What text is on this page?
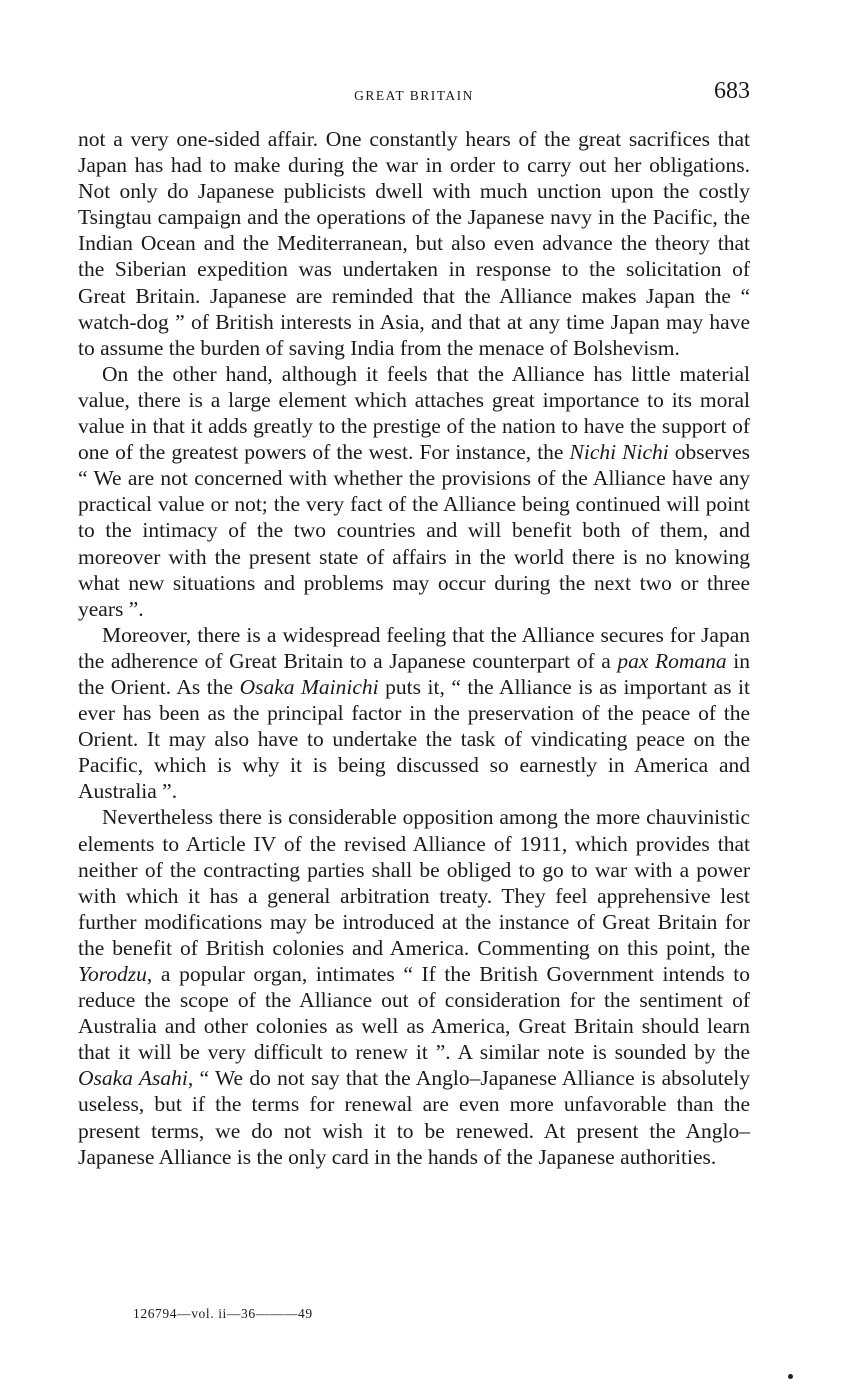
GREAT BRITAIN	683

not a very one-sided affair. One constantly hears of the great sacrifices that Japan has had to make during the war in order to carry out her obligations. Not only do Japanese publicists dwell with much unction upon the costly Tsingtau campaign and the operations of the Japanese navy in the Pacific, the Indian Ocean and the Mediterranean, but also even advance the theory that the Siberian expedition was undertaken in response to the solicitation of Great Britain. Japanese are reminded that the Alliance makes Japan the “ watch-dog ” of British interests in Asia, and that at any time Japan may have to assume the burden of saving India from the menace of Bolshevism.

On the other hand, although it feels that the Alliance has little material value, there is a large element which attaches great importance to its moral value in that it adds greatly to the prestige of the nation to have the support of one of the greatest powers of the west. For instance, the Nichi Nichi observes “ We are not concerned with whether the provisions of the Alliance have any practical value or not; the very fact of the Alliance being continued will point to the intimacy of the two countries and will benefit both of them, and moreover with the present state of affairs in the world there is no knowing what new situations and problems may occur during the next two or three years ”.

Moreover, there is a widespread feeling that the Alliance secures for Japan the adherence of Great Britain to a Japanese counterpart of a pax Romana in the Orient. As the Osaka Mainichi puts it, “ the Alliance is as important as it ever has been as the principal factor in the preservation of the peace of the Orient. It may also have to undertake the task of vindicating peace on the Pacific, which is why it is being discussed so earnestly in America and Australia ”.

Nevertheless there is considerable opposition among the more chauvinistic elements to Article IV of the revised Alliance of 1911, which provides that neither of the contracting parties shall be obliged to go to war with a power with which it has a general arbitration treaty. They feel apprehensive lest further modifications may be introduced at the instance of Great Britain for the benefit of British colonies and America. Commenting on this point, the Yorodzu, a popular organ, intimates “ If the British Government intends to reduce the scope of the Alliance out of consideration for the sentiment of Australia and other colonies as well as America, Great Britain should learn that it will be very difficult to renew it ”. A similar note is sounded by the Osaka Asahi, “ We do not say that the Anglo–Japanese Alliance is absolutely useless, but if the terms for renewal are even more unfavorable than the present terms, we do not wish it to be renewed. At present the Anglo–Japanese Alliance is the only card in the hands of the Japanese authorities.

126794—vol. ii—36———49
